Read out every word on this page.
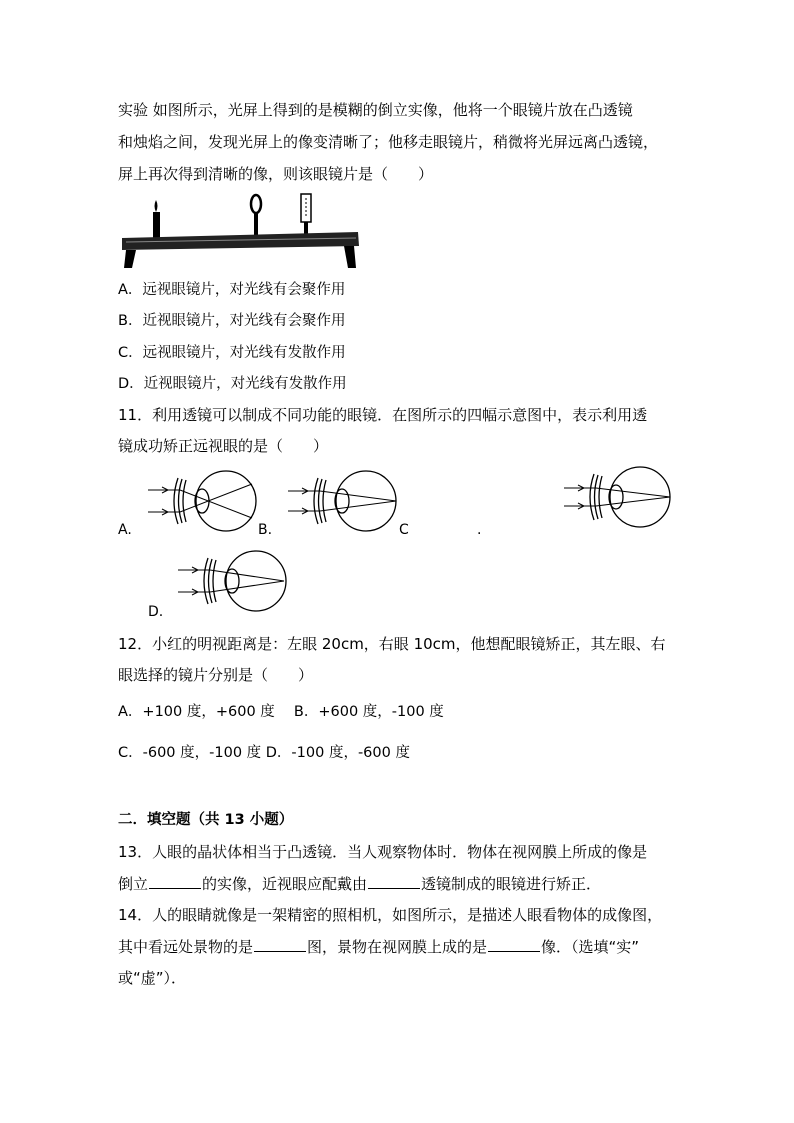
实验 如图所示，光屏上得到的是模糊的倒立实像，他将一个眼镜片放在凸透镜
和烛焰之间，发现光屏上的像变清晰了；他移走眼镜片，稍微将光屏远离凸透镜，
屏上再次得到清晰的像，则该眼镜片是（　　）
A．远视眼镜片，对光线有会聚作用
B．近视眼镜片，对光线有会聚作用
C．远视眼镜片，对光线有发散作用
D．近视眼镜片，对光线有发散作用
11．利用透镜可以制成不同功能的眼镜．在图所示的四幅示意图中，表示利用透
镜成功矫正远视眼的是（　　）
A.	B.	C	.
D.
12．小红的明视距离是：左眼 20cm，右眼 10cm，他想配眼镜矫正，其左眼、右
眼选择的镜片分别是（　　）
A．+100 度，+600 度　 B．+600 度，-100 度
C．-600 度，-100 度 D．-100 度，-600 度
二．填空题（共 13 小题）
13．人眼的晶状体相当于凸透镜．当人观察物体时．物体在视网膜上所成的像是
倒立	的实像，近视眼应配戴由	透镜制成的眼镜进行矫正．
14．人的眼睛就像是一架精密的照相机，如图所示，是描述人眼看物体的成像图，
其中看远处景物的是	图，景物在视网膜上成的是	像．（选填“实”
或“虚”）．
